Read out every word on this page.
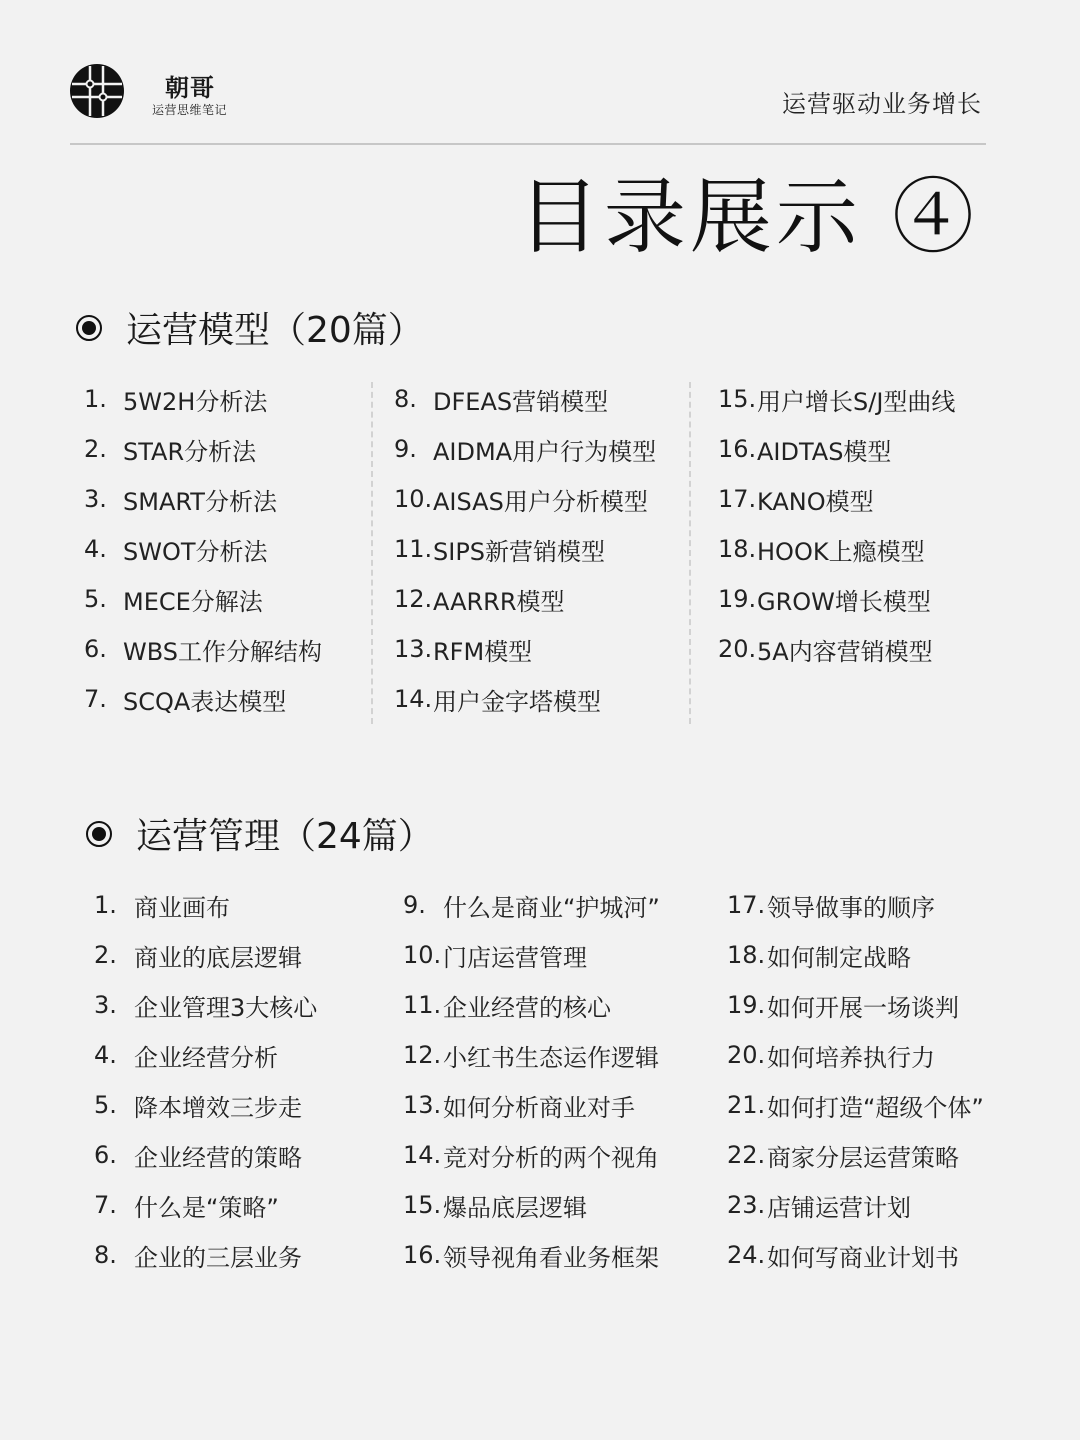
朝哥
运营思维笔记	运营驱动业务增长
目录展示 ④
运营模型（20篇）
1. 5W2H分析法
2. STAR分析法
3. SMART分析法
4. SWOT分析法
5. MECE分解法
6. WBS工作分解结构
7. SCQA表达模型
8. DFEAS营销模型
9. AIDMA用户行为模型
10. AISAS用户分析模型
11. SIPS新营销模型
12. AARRR模型
13. RFM模型
14. 用户金字塔模型
15. 用户增长S/J型曲线
16. AIDTAS模型
17. KANO模型
18. HOOK上瘾模型
19. GROW增长模型
20. 5A内容营销模型
运营管理（24篇）
1. 商业画布
2. 商业的底层逻辑
3. 企业管理3大核心
4. 企业经营分析
5. 降本增效三步走
6. 企业经营的策略
7. 什么是“策略”
8. 企业的三层业务
9. 什么是商业“护城河”
10. 门店运营管理
11. 企业经营的核心
12. 小红书生态运作逻辑
13. 如何分析商业对手
14. 竞对分析的两个视角
15. 爆品底层逻辑
16. 领导视角看业务框架
17. 领导做事的顺序
18. 如何制定战略
19. 如何开展一场谈判
20. 如何培养执行力
21. 如何打造“超级个体”
22. 商家分层运营策略
23. 店铺运营计划
24. 如何写商业计划书
